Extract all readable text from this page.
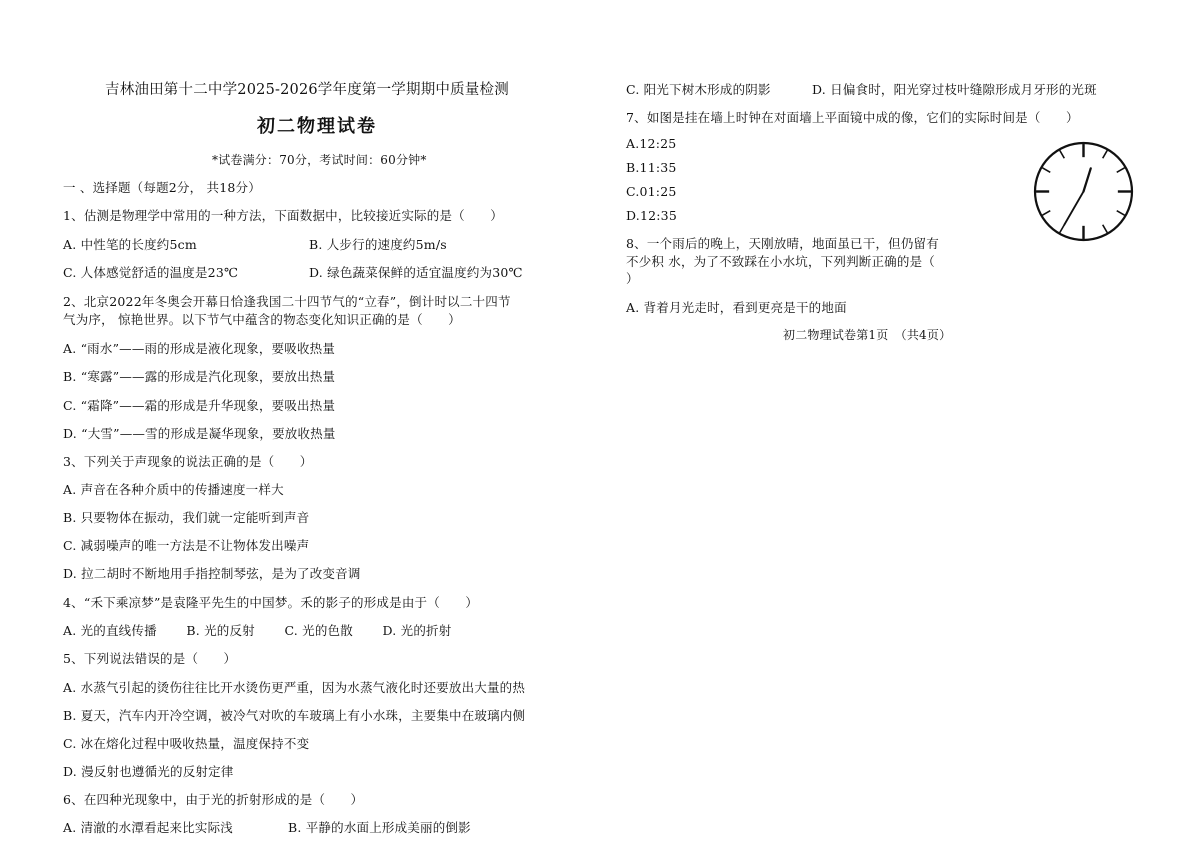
吉林油田第十二中学2025-2026学年度第一学期期中质量检测
初二物理试卷
*试卷满分：70分，考试时间：60分钟*
一 、选择题（每题2分， 共18分）
1、估测是物理学中常用的一种方法，下面数据中，比较接近实际的是（　　）
A. 中性笔的长度约5cm	B. 人步行的速度约5m/s
C. 人体感觉舒适的温度是23℃	D. 绿色蔬菜保鲜的适宜温度约为30℃
2、北京2022年冬奥会开幕日恰逢我国二十四节气的“立春”，倒计时以二十四节
气为序， 惊艳世界。以下节气中蕴含的物态变化知识正确的是（　　）
A. “雨水”——雨的形成是液化现象，要吸收热量
B. “寒露”——露的形成是汽化现象，要放出热量
C. “霜降”——霜的形成是升华现象，要吸出热量
D. “大雪”——雪的形成是凝华现象，要放收热量
3、下列关于声现象的说法正确的是（　　）
A. 声音在各种介质中的传播速度一样大
B. 只要物体在振动，我们就一定能听到声音
C. 减弱噪声的唯一方法是不让物体发出噪声
D. 拉二胡时不断地用手指控制琴弦，是为了改变音调
4、“禾下乘凉梦”是袁隆平先生的中国梦。禾的影子的形成是由于（　　）
A. 光的直线传播　　 B. 光的反射　　 C. 光的色散　　 D. 光的折射
5、下列说法错误的是（　　）
A. 水蒸气引起的烫伤往往比开水烫伤更严重，因为水蒸气液化时还要放出大量的热
B. 夏天，汽车内开冷空调，被冷气对吹的车玻璃上有小水珠，主要集中在玻璃内侧
C. 冰在熔化过程中吸收热量，温度保持不变
D. 漫反射也遵循光的反射定律
6、在四种光现象中，由于光的折射形成的是（　　）
A. 清澈的水潭看起来比实际浅	B. 平静的水面上形成美丽的倒影
C. 阳光下树木形成的阴影	D. 日偏食时，阳光穿过枝叶缝隙形成月牙形的光斑
7、如图是挂在墙上时钟在对面墙上平面镜中成的像，它们的实际时间是（　　）
A.12:25
B.11:35
C.01:25
D.12:35
8、一个雨后的晚上，天刚放晴，地面虽已干，但仍留有
不少积 水，为了不致踩在小水坑，下列判断正确的是（
）
A. 背着月光走时，看到更亮是干的地面
初二物理试卷第1页　（共4页）
